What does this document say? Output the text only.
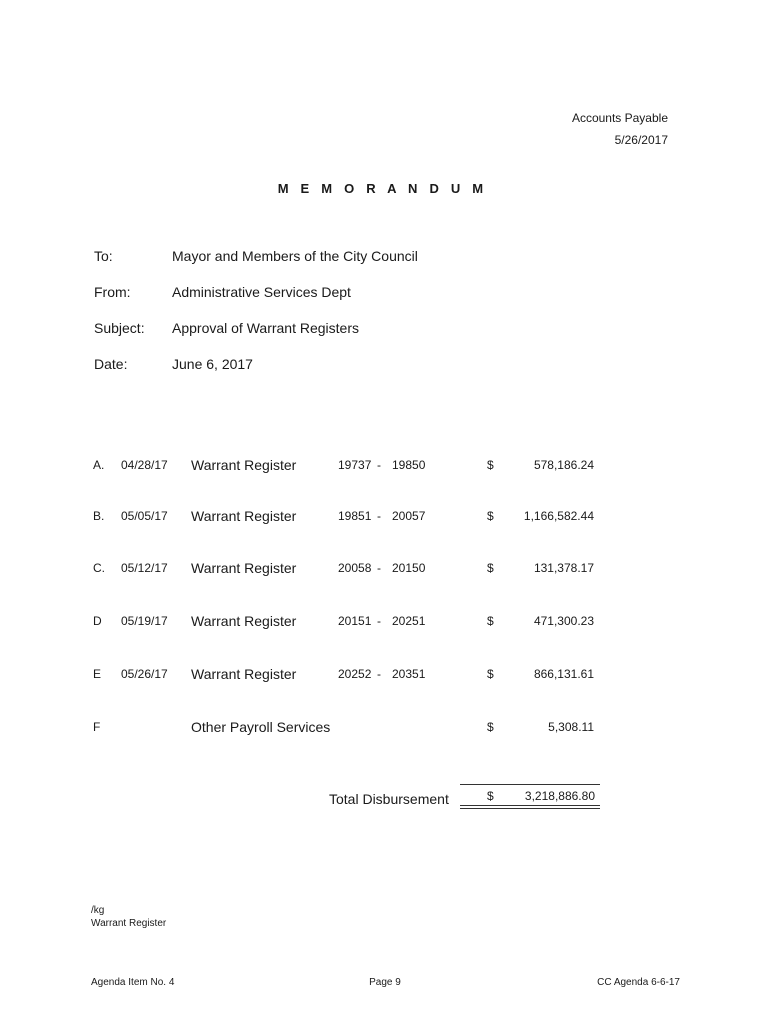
Accounts Payable
5/26/2017
M E M O R A N D U M
To:	Mayor and Members of the City Council
From:	Administrative Services Dept
Subject: Approval of Warrant Registers
Date:	June 6, 2017
A. 04/28/17 Warrant Register	19737 - 19850	$	578,186.24
B. 05/05/17 Warrant Register	19851 - 20057	$	1,166,582.44
C. 05/12/17 Warrant Register	20058 - 20150	$	131,378.17
D 05/19/17 Warrant Register	20151 - 20251	$	471,300.23
E 05/26/17 Warrant Register	20252 - 20351	$	866,131.61
F	Other Payroll Services	$	5,308.11
Total Disbursement	$	3,218,886.80
/kg
Warrant Register
Agenda Item No. 4	Page 9	CC Agenda 6-6-17
